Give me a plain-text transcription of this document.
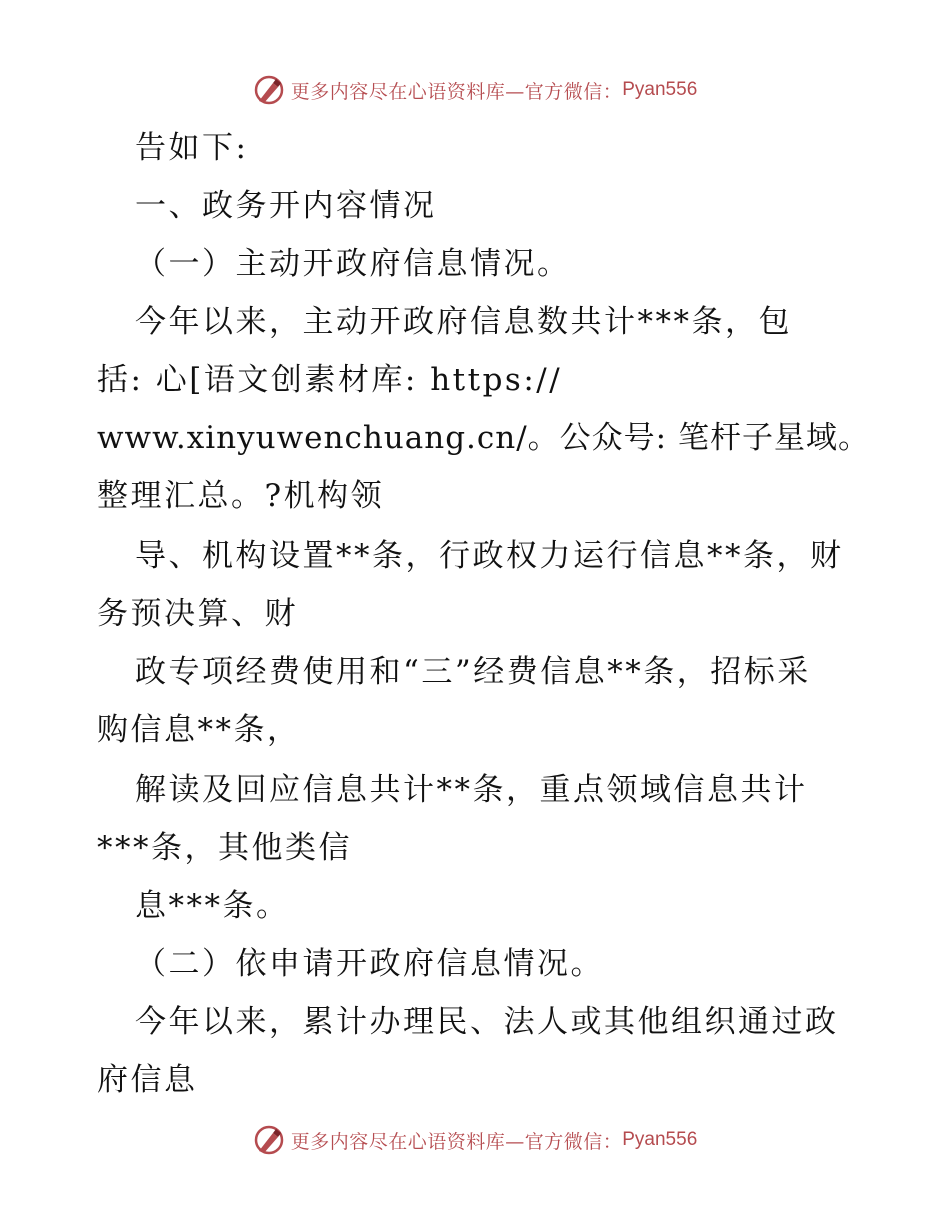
更多内容尽在心语资料库—官方微信： Pyan556
告如下:
一、政务开内容情况
（一）主动开政府信息情况。
今年以来，主动开政府信息数共计***条，包
括: 心[语文创素材库: https://
www.xinyuwenchuang.cn/。公众号: 笔杆子星域。
整理汇总。?机构领
导、机构设置**条，行政权力运行信息**条，财
务预决算、财
政专项经费使用和“三”经费信息**条，招标采
购信息**条，
解读及回应信息共计**条，重点领域信息共计
***条，其他类信
息***条。
（二）依申请开政府信息情况。
今年以来，累计办理民、法人或其他组织通过政
府信息
更多内容尽在心语资料库—官方微信： Pyan556
